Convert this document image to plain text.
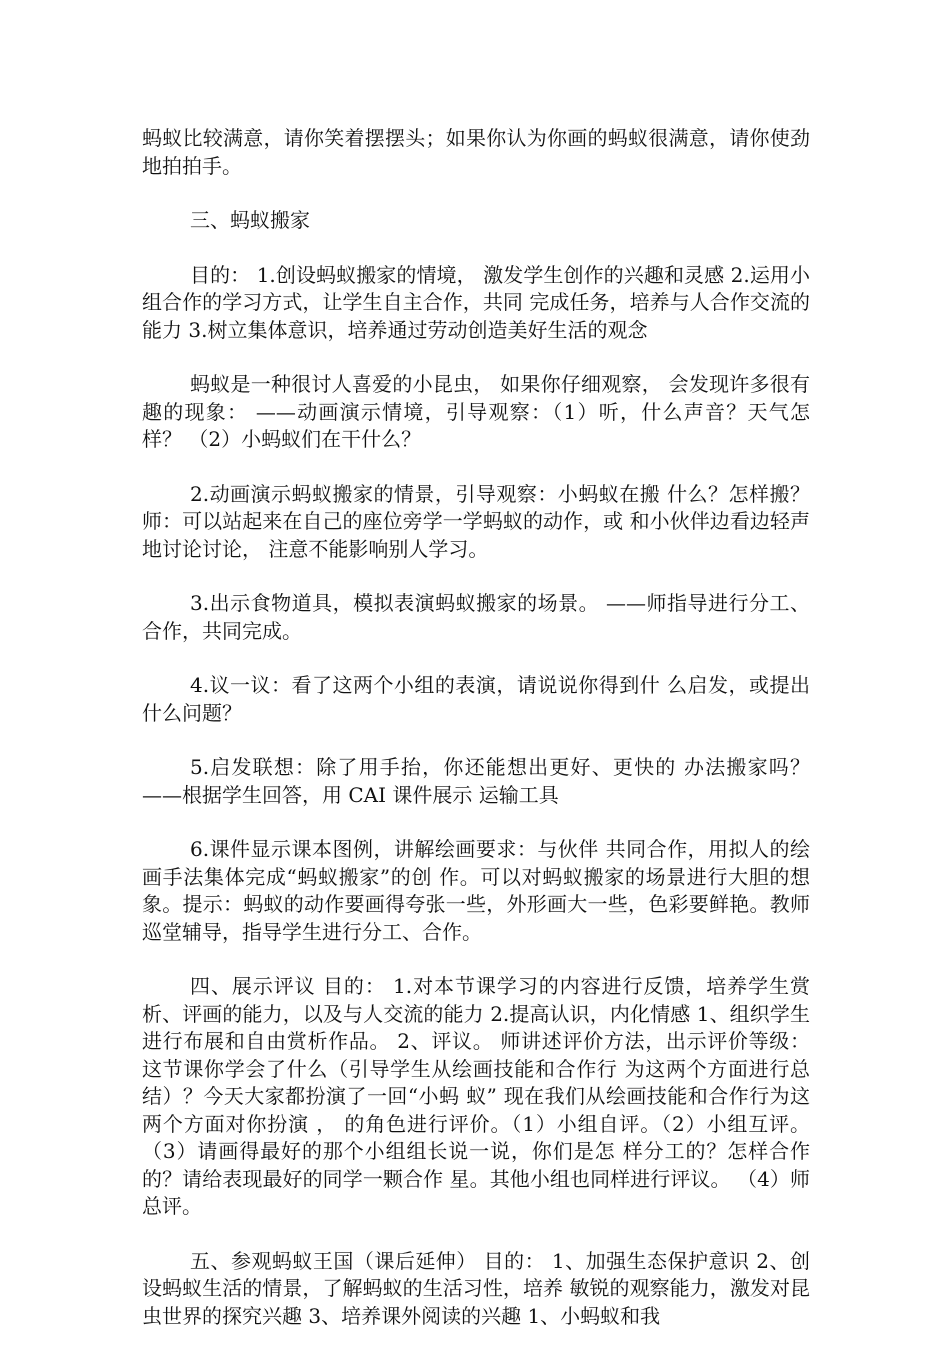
蚂蚁比较满意，请你笑着摆摆头；如果你认为你画的蚂蚁很满意，请你使劲地拍拍手。

三、蚂蚁搬家

目的： 1.创设蚂蚁搬家的情境， 激发学生创作的兴趣和灵感 2.运用小组合作的学习方式，让学生自主合作，共同 完成任务，培养与人合作交流的能力 3.树立集体意识，培养通过劳动创造美好生活的观念

蚂蚁是一种很讨人喜爱的小昆虫， 如果你仔细观察， 会发现许多很有趣的现象： ——动画演示情境，引导观察：（1）听，什么声音？天气怎样？ （2）小蚂蚁们在干什么？

2.动画演示蚂蚁搬家的情景，引导观察：小蚂蚁在搬 什么？怎样搬？ 师：可以站起来在自己的座位旁学一学蚂蚁的动作，或 和小伙伴边看边轻声地讨论讨论， 注意不能影响别人学习。

3.出示食物道具，模拟表演蚂蚁搬家的场景。 ——师指导进行分工、合作，共同完成。

4.议一议：看了这两个小组的表演，请说说你得到什 么启发，或提出什么问题？

5.启发联想：除了用手抬，你还能想出更好、更快的 办法搬家吗？ ——根据学生回答，用 CAI 课件展示 运输工具

6.课件显示课本图例，讲解绘画要求：与伙伴 共同合作，用拟人的绘画手法集体完成“蚂蚁搬家”的创 作。可以对蚂蚁搬家的场景进行大胆的想象。提示：蚂蚁的动作要画得夸张一些，外形画大一些，色彩要鲜艳。教师巡堂辅导，指导学生进行分工、合作。

四、展示评议 目的： 1.对本节课学习的内容进行反馈，培养学生赏析、评画的能力，以及与人交流的能力 2.提高认识，内化情感 1、组织学生进行布展和自由赏析作品。 2、评议。 师讲述评价方法，出示评价等级： 这节课你学会了什么（引导学生从绘画技能和合作行 为这两个方面进行总结）？今天大家都扮演了一回“小蚂 蚁” 现在我们从绘画技能和合作行为这两个方面对你扮演 ， 的角色进行评价。（1）小组自评。（2）小组互评。（3）请画得最好的那个小组组长说一说，你们是怎 样分工的？怎样合作的？请给表现最好的同学一颗合作 星。其他小组也同样进行评议。 （4）师总评。

五、参观蚂蚁王国（课后延伸） 目的： 1、加强生态保护意识 2、创设蚂蚁生活的情景，了解蚂蚁的生活习性，培养 敏锐的观察能力，激发对昆虫世界的探究兴趣 3、培养课外阅读的兴趣 1、小蚂蚁和我
